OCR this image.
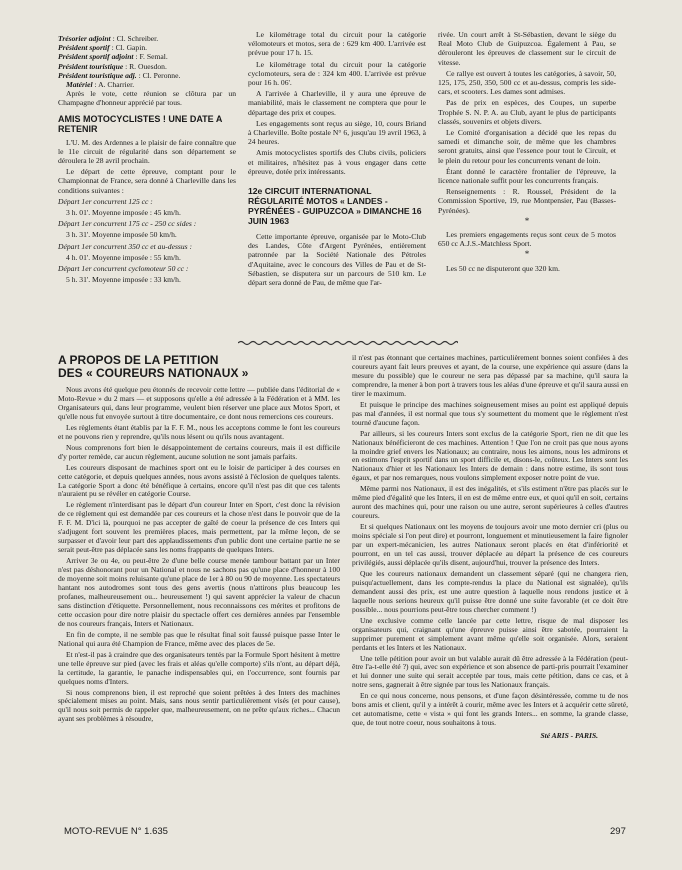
Trésorier adjoint : Cl. Schreiber.
Président sportif : Cl. Gapin.
Président sportif adjoint : F. Semal.
Président touristique : R. Ouesdon.
Président touristique adj. : Cl. Peronne.
Matériel : A. Charrier.

Après le vote, cette réunion se clôtura par un Champagne d'honneur apprécié par tous.

AMIS MOTOCYCLISTES ! UNE DATE A RETENIR

L'U. M. des Ardennes a le plaisir de faire connaître que le 11e circuit de régularité dans son département se déroulera le 28 avril prochain.

Le départ de cette épreuve, comptant pour le Championnat de France, sera donné à Charleville dans les conditions suivantes :

Départ 1er concurrent 125 cc :

3 h. 01'. Moyenne imposée : 45 km/h.

Départ 1er concurrent 175 cc - 250 cc sides :

3 h. 31'. Moyenne imposée 50 km/h.

Départ 1er concurrent 350 cc et au-dessus :

4 h. 01'. Moyenne imposée : 55 km/h.

Départ 1er concurrent cyclomoteur 50 cc :

5 h. 31'. Moyenne imposée : 33 km/h.

Le kilométrage total du circuit pour la catégorie vélomoteurs et motos, sera de : 629 km 400. L'arrivée est prévue pour 17 h. 15.

Le kilométrage total du circuit pour la catégorie cyclomoteurs, sera de : 324 km 400. L'arrivée est prévue pour 16 h. 06'.

A l'arrivée à Charleville, il y aura une épreuve de maniabilité, mais le classement ne comptera que pour le départage des prix et coupes.

Les engagements sont reçus au siège, 10, cours Briand à Charleville. Boîte postale N° 6, jusqu'au 19 avril 1963, à 24 heures.

Amis motocyclistes sportifs des Clubs civils, policiers et militaires, n'hésitez pas à vous engager dans cette épreuve, dotée prix intéressants.

12e CIRCUIT INTERNATIONAL RÉGULARITÉ MOTOS « LANDES - PYRÉNÉES - GUIPUZCOA » DIMANCHE 16 JUIN 1963

Cette importante épreuve, organisée par le Moto-Club des Landes, Côte d'Argent Pyrénées, entièrement patronnée par la Société Nationale des Pétroles d'Aquitaine, avec le concours des Villes de Pau et de St-Sébastien, se disputera sur un parcours de 510 km. Le départ sera donné de Pau, de même que l'ar-

rivée. Un court arrêt à St-Sébastien, devant le siège du Real Moto Club de Guipuzcoa. Également à Pau, se dérouleront les épreuves de classement sur le circuit de vitesse.

Ce rallye est ouvert à toutes les catégories, à savoir, 50, 125, 175, 250, 350, 500 cc et au-dessus, compris les side-cars, et scooters. Les dames sont admises.

Pas de prix en espèces, des Coupes, un superbe Trophée S. N. P. A. au Club, ayant le plus de participants classés, souvenirs et objets divers.

Le Comité d'organisation a décidé que les repas du samedi et dimanche soir, de même que les chambres seront gratuits, ainsi que l'essence pour tout le Circuit, et le plein du retour pour les concurrents venant de loin.

Étant donné le caractère frontalier de l'épreuve, la licence nationale suffit pour les concurrents français.

Renseignements : R. Roussel, Président de la Commission Sportive, 19, rue Montpensier, Pau (Basses-Pyrénées).

*

Les premiers engagements reçus sont ceux de 5 motos 650 cc A.J.S.-Matchless Sport.

*

Les 50 cc ne disputeront que 320 km.

A PROPOS DE LA PETITION
DES « COUREURS NATIONAUX »

Nous avons été quelque peu étonnés de recevoir cette lettre — publiée dans l'éditorial de « Moto-Revue » du 2 mars — et supposons qu'elle a été adressée à la Fédération et à MM. les Organisateurs qui, dans leur programme, veulent bien réserver une place aux Motos Sport, et qu'elle nous fut envoyée surtout à titre documentaire, ce dont nous remercions ces coureurs.

Les règlements étant établis par la F. F. M., nous les acceptons comme le font les coureurs et ne pouvons rien y reprendre, qu'ils nous lésent ou qu'ils nous avantagent.

Nous comprenons fort bien le désappointement de certains coureurs, mais il est difficile d'y porter remède, car aucun règlement, aucune solution ne sont jamais parfaits.

Les coureurs disposant de machines sport ont eu le loisir de participer à des courses en cette catégorie, et depuis quelques années, nous avons assisté à l'éclosion de quelques talents. La catégorie Sport a donc été bénéfique à certains, encore qu'il n'est pas dit que ces talents n'auraient pu se révéler en catégorie Course.

Le règlement n'interdisant pas le départ d'un coureur Inter en Sport, c'est donc la révision de ce règlement qui est demandée par ces coureurs et la chose n'est dans le pouvoir que de la F. F. M. D'ici là, pourquoi ne pas accepter de gaîté de coeur la présence de ces Inters qui s'adjugent fort souvent les premières places, mais permettent, par la même leçon, de se surpasser et d'avoir leur part des applaudissements d'un public dont une certaine partie ne se serait peut-être pas déplacée sans les noms frappants de quelques Inters.

Arriver 3e ou 4e, ou peut-être 2e d'une belle course menée tambour battant par un Inter n'est pas déshonorant pour un National et nous ne sachons pas qu'une place d'honneur à 100 de moyenne soit moins reluisante qu'une place de 1er à 80 ou 90 de moyenne. Les spectateurs hantant nos autodromes sont tous des gens avertis (nous n'attirons plus beaucoup les profanes, malheureusement ou... heureusement !) qui savent apprécier la valeur de chacun sans distinction d'étiquette. Personnellement, nous reconnaissons ces mérites et profitons de cette occasion pour dire notre plaisir du spectacle offert ces dernières années par l'ensemble de nos coureurs français, Inters et Nationaux.

En fin de compte, il ne semble pas que le résultat final soit faussé puisque passe Inter le National qui aura été Champion de France, même avec des places de 5e.

Et n'est-il pas à craindre que des organisateurs tentés par la Formule Sport hésitent à mettre une telle épreuve sur pied (avec les frais et aléas qu'elle comporte) s'ils n'ont, au départ déjà, la certitude, la garantie, le panache indispensables qui, en l'occurrence, sont fournis par quelques noms d'Inters.

Si nous comprenons bien, il est reproché que soient prêtées à des Inters des machines spécialement mises au point. Mais, sans nous sentir particulièrement visés (et pour cause), qu'il nous soit permis de rappeler que, malheureusement, on ne prête qu'aux riches... Chacun ayant ses problèmes à résoudre,

il n'est pas étonnant que certaines machines, particulièrement bonnes soient confiées à des coureurs ayant fait leurs preuves et ayant, de la course, une expérience qui assure (dans la mesure du possible) que le coureur ne sera pas dépassé par sa machine, qu'il saura la comprendre, la mener à bon port à travers tous les aléas d'une épreuve et qu'il saura aussi en tirer le maximum.

Et puisque le principe des machines soigneusement mises au point est appliqué depuis pas mal d'années, il est normal que tous s'y soumettent du moment que le règlement n'est tourné d'aucune façon.

Par ailleurs, si les coureurs Inters sont exclus de la catégorie Sport, rien ne dit que les Nationaux bénéficieront de ces machines. Attention ! Que l'on ne croit pas que nous ayons la moindre grief envers les Nationaux; au contraire, nous les aimons, nous les admirons et en estimons l'esprit sportif dans un sport difficile et, disons-le, coûteux. Les Inters sont les Nationaux d'hier et les Nationaux les Inters de demain : dans notre estime, ils sont tous égaux, et par nos remarques, nous voulons simplement exposer notre point de vue.

Même parmi nos Nationaux, il est des inégalités, et s'ils estiment n'être pas placés sur le même pied d'égalité que les Inters, il en est de même entre eux, et quoi qu'il en soit, certains auront des machines qui, pour une raison ou une autre, seront supérieures à celles d'autres coureurs.

Et si quelques Nationaux ont les moyens de toujours avoir une moto dernier cri (plus ou moins spéciale si l'on peut dire) et pourront, longuement et minutieusement la faire fignoler par un expert-mécanicien, les autres Nationaux seront placés en état d'infériorité et pourront, en un tel cas aussi, trouver déplacée au départ la présence de ces coureurs privilégiés, aussi déplacée qu'ils disent, aujourd'hui, trouver la présence des Inters.

Que les coureurs nationaux demandent un classement séparé (qui ne changera rien, puisqu'actuellement, dans les compte-rendus la place du National est signalée), qu'ils demandent aussi des prix, est une autre question à laquelle nous rendons justice et à laquelle nous serions heureux qu'il puisse être donné une suite favorable (et ce doit être possible... nous pourrions peut-être tous chercher comment !)

Une exclusive comme celle lancée par cette lettre, risque de mal disposer les organisateurs qui, craignant qu'une épreuve puisse ainsi être sabotée, pourraient la supprimer purement et simplement avant même qu'elle soit organisée. Alors, seraient perdants et les Inters et les Nationaux.

Une telle pétition pour avoir un but valable aurait dû être adressée à la Fédération (peut-être l'a-t-elle été ?) qui, avec son expérience et son absence de parti-pris pourrait l'examiner et lui donner une suite qui serait acceptée par tous, mais cette pétition, dans ce cas, et à notre sens, gagnerait à être signée par tous les Nationaux français.

En ce qui nous concerne, nous pensons, et d'une façon désintéressée, comme tu de nos bons amis et client, qu'il y a intérêt à courir, même avec les Inters et à acquérir cette sûreté, cet automatisme, cette « vista » qui font les grands Inters... en somme, la grande classe, que, de tout notre coeur, nous souhaitons à tous.

Sté ARIS - PARIS.
MOTO-REVUE N° 1.635	297
